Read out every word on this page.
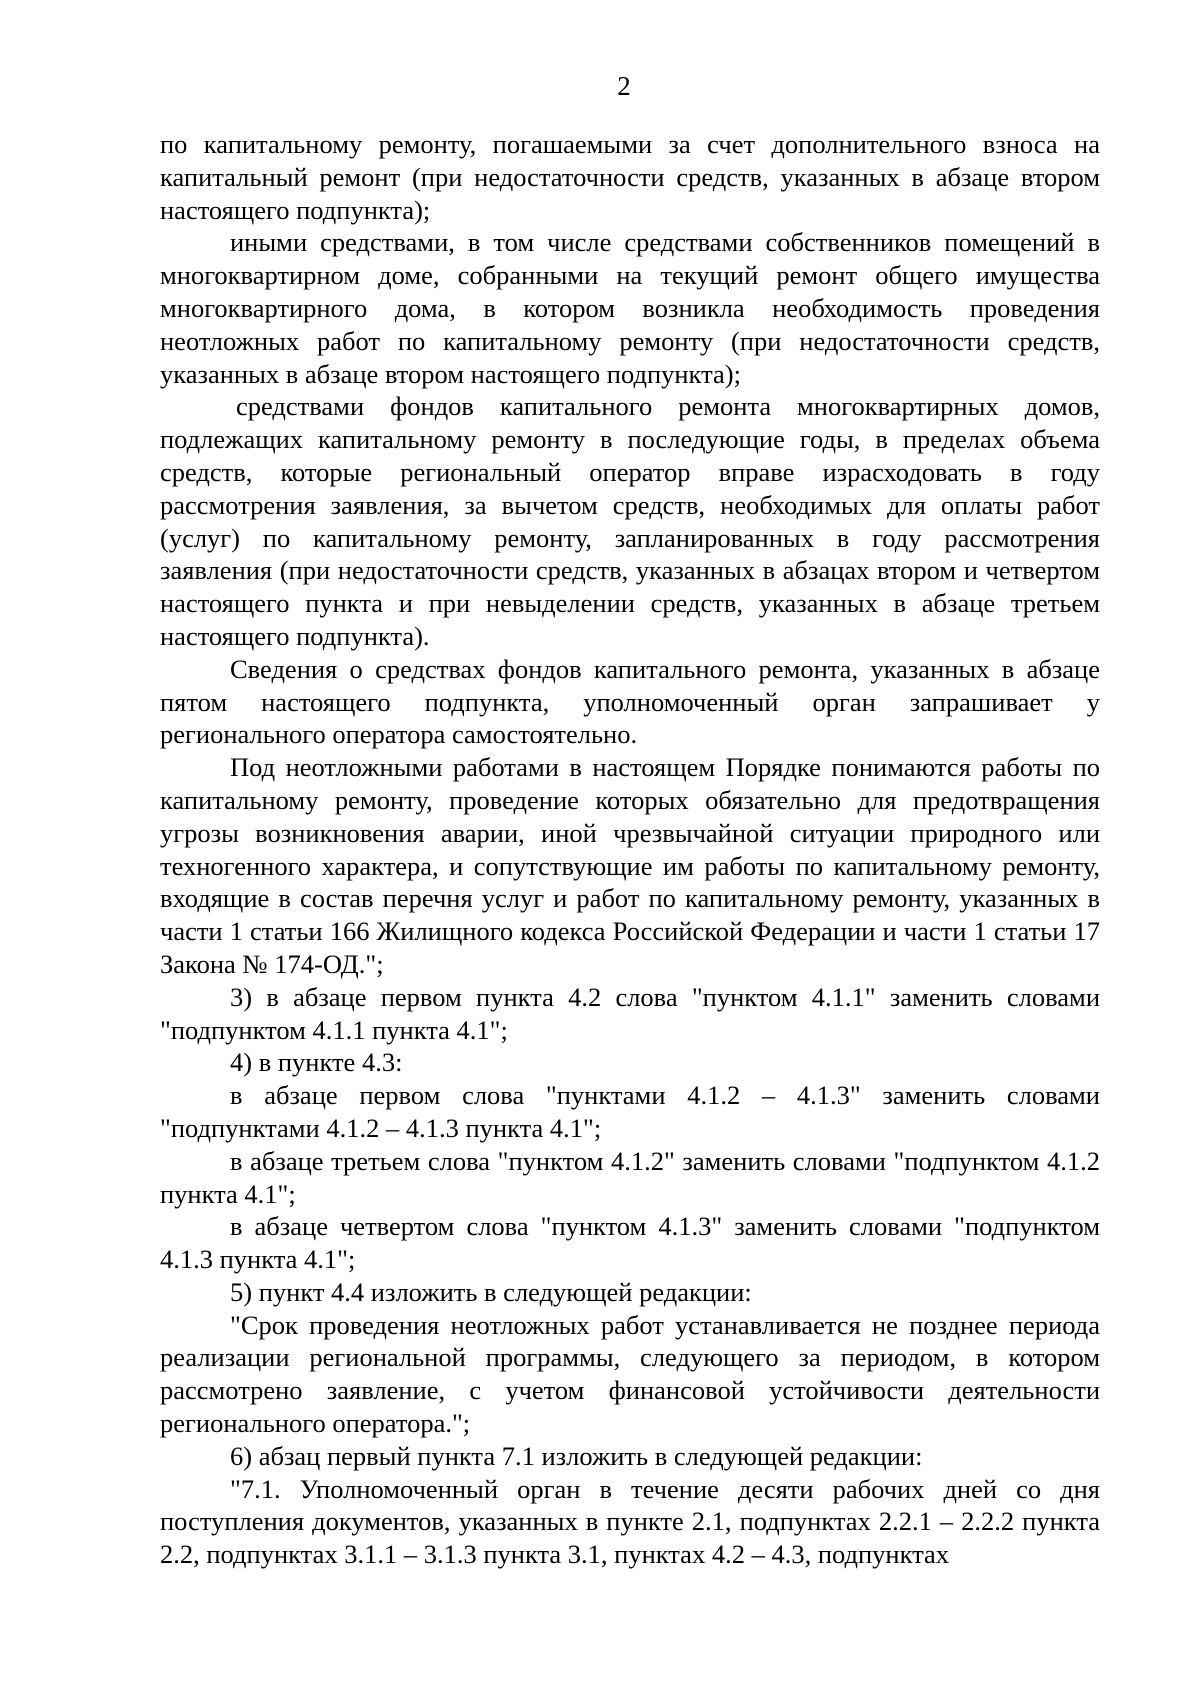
2

по капитальному ремонту, погашаемыми за счет дополнительного взноса на капитальный ремонт (при недостаточности средств, указанных в абзаце втором настоящего подпункта);

иными средствами, в том числе средствами собственников помещений в многоквартирном доме, собранными на текущий ремонт общего имущества многоквартирного дома, в котором возникла необходимость проведения неотложных работ по капитальному ремонту (при недостаточности средств, указанных в абзаце втором настоящего подпункта);

средствами фондов капитального ремонта многоквартирных домов, подлежащих капитальному ремонту в последующие годы, в пределах объема средств, которые региональный оператор вправе израсходовать в году рассмотрения заявления, за вычетом средств, необходимых для оплаты работ (услуг) по капитальному ремонту, запланированных в году рассмотрения заявления (при недостаточности средств, указанных в абзацах втором и четвертом настоящего пункта и при невыделении средств, указанных в абзаце третьем настоящего подпункта).

Сведения о средствах фондов капитального ремонта, указанных в абзаце пятом настоящего подпункта, уполномоченный орган запрашивает у регионального оператора самостоятельно.

Под неотложными работами в настоящем Порядке понимаются работы по капитальному ремонту, проведение которых обязательно для предотвращения угрозы возникновения аварии, иной чрезвычайной ситуации природного или техногенного характера, и сопутствующие им работы по капитальному ремонту, входящие в состав перечня услуг и работ по капитальному ремонту, указанных в части 1 статьи 166 Жилищного кодекса Российской Федерации и части 1 статьи 17 Закона № 174-ОД.";

3) в абзаце первом пункта 4.2 слова "пунктом 4.1.1" заменить словами "подпунктом 4.1.1 пункта 4.1";

4) в пункте 4.3:

в абзаце первом слова "пунктами 4.1.2 – 4.1.3" заменить словами "подпунктами 4.1.2 – 4.1.3 пункта 4.1";

в абзаце третьем слова "пунктом 4.1.2" заменить словами "подпунктом 4.1.2 пункта 4.1";

в абзаце четвертом слова "пунктом 4.1.3" заменить словами "подпунктом 4.1.3 пункта 4.1";

5) пункт 4.4 изложить в следующей редакции:

"Срок проведения неотложных работ устанавливается не позднее периода реализации региональной программы, следующего за периодом, в котором рассмотрено заявление, с учетом финансовой устойчивости деятельности регионального оператора.";

6) абзац первый пункта 7.1 изложить в следующей редакции:

"7.1. Уполномоченный орган в течение десяти рабочих дней со дня поступления документов, указанных в пункте 2.1, подпунктах 2.2.1 – 2.2.2 пункта 2.2, подпунктах 3.1.1 – 3.1.3 пункта 3.1, пунктах 4.2 – 4.3, подпунктах
